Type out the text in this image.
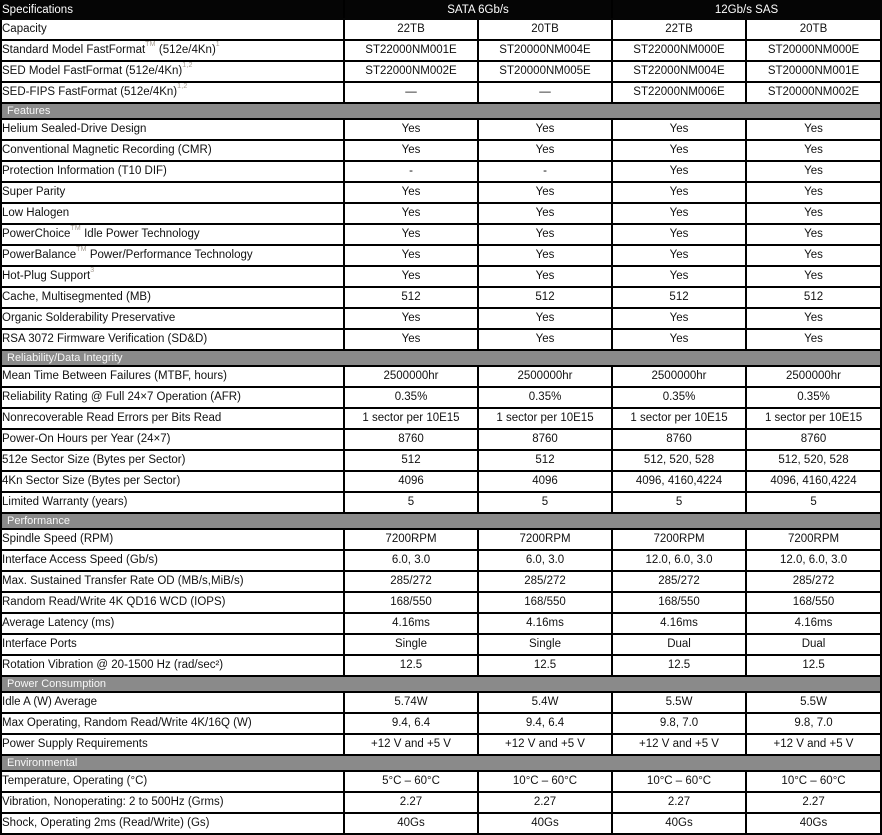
Specifications	SATA 6Gb/s		12Gb/s SAS	
Capacity	22TB	20TB	22TB	20TB
Standard Model FastFormat™ $(512e/4Kn)^1$	ST22000NM001E	ST20000NM004E	ST22000NM000E	ST20000NM000E
SED Model FastFormat $(512e/4Kn)^{1,2}$	ST22000NM002E	ST20000NM005E	ST22000NM004E	ST20000NM001E
SED-FIPS FastFormat $(512e/4Kn)^{1,2}$	—	—	ST22000NM006E	ST20000NM002E
Features				
Helium Sealed-Drive Design	Yes	Yes	Yes	Yes
Conventional Magnetic Recording (CMR)	Yes	Yes	Yes	Yes
Protection Information (T10 DIF)	-	-	Yes	Yes
Super Parity	Yes	Yes	Yes	Yes
Low Halogen	Yes	Yes	Yes	Yes
PowerChoice™ Idle Power Technology	Yes	Yes	Yes	Yes
PowerBalance™ Power/Performance Technology	Yes	Yes	Yes	Yes
Hot-Plug Support$^3$	Yes	Yes	Yes	Yes
Cache, Multisegmented (MB)	512	512	512	512
Organic Solderability Preservative	Yes	Yes	Yes	Yes
RSA 3072 Firmware Verification (SD&D)	Yes	Yes	Yes	Yes
Reliability/Data Integrity				
Mean Time Between Failures (MTBF, hours)	2500000hr	2500000hr	2500000hr	2500000hr
Reliability Rating @ Full 24×7 Operation (AFR)	0.35%	0.35%	0.35%	0.35%
Nonrecoverable Read Errors per Bits Read	1 sector per 10E15	1 sector per 10E15	1 sector per 10E15	1 sector per 10E15
Power-On Hours per Year (24×7)	8760	8760	8760	8760
512e Sector Size (Bytes per Sector)	512	512	512, 520, 528	512, 520, 528
4Kn Sector Size (Bytes per Sector)	4096	4096	4096, 4160,4224	4096, 4160,4224
Limited Warranty (years)	5	5	5	5
Performance				
Spindle Speed (RPM)	7200RPM	7200RPM	7200RPM	7200RPM
Interface Access Speed (Gb/s)	6.0, 3.0	6.0, 3.0	12.0, 6.0, 3.0	12.0, 6.0, 3.0
Max. Sustained Transfer Rate OD (MB/s,MiB/s)	285/272	285/272	285/272	285/272
Random Read/Write 4K QD16 WCD (IOPS)	168/550	168/550	168/550	168/550
Average Latency (ms)	4.16ms	4.16ms	4.16ms	4.16ms
Interface Ports	Single	Single	Dual	Dual
Rotation Vibration @ 20-1500 Hz (rad/sec²)	12.5	12.5	12.5	12.5
Power Consumption				
Idle A (W) Average	5.74W	5.4W	5.5W	5.5W
Max Operating, Random Read/Write 4K/16Q (W)	9.4, 6.4	9.4, 6.4	9.8, 7.0	9.8, 7.0
Power Supply Requirements	+12 V and +5 V	+12 V and +5 V	+12 V and +5 V	+12 V and +5 V
Environmental				
Temperature, Operating (°C)	5°C – 60°C	10°C – 60°C	10°C – 60°C	10°C – 60°C
Vibration, Nonoperating: 2 to 500Hz (Grms)	2.27	2.27	2.27	2.27
Shock, Operating 2ms (Read/Write) (Gs)	40Gs	40Gs	40Gs	40Gs
